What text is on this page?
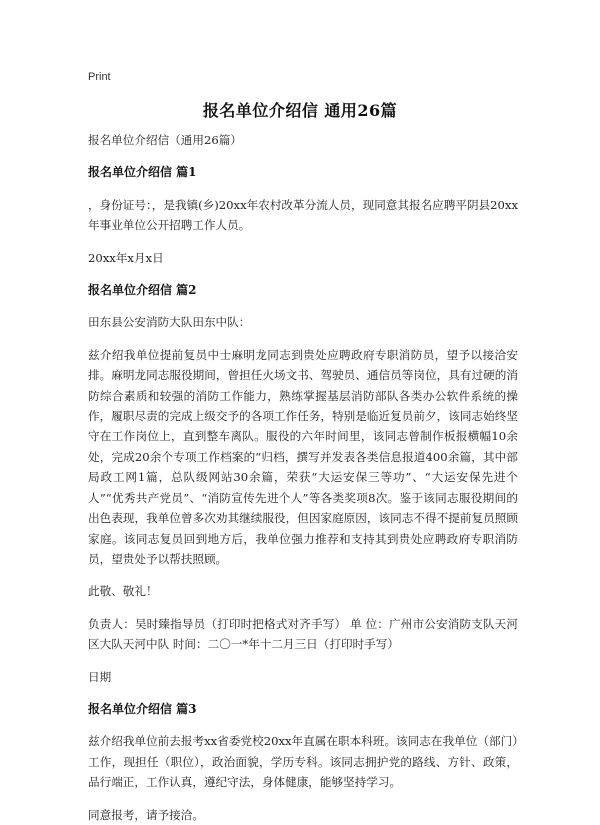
Print
报名单位介绍信 通用26篇

报名单位介绍信（通用26篇）

报名单位介绍信 篇1

，身份证号：，是我镇(乡)20xx年农村改革分流人员，现同意其报名应聘平阴县20xx年事业单位公开招聘工作人员。

20xx年x月x日

报名单位介绍信 篇2

田东县公安消防大队田东中队：

兹介绍我单位提前复员中士麻明龙同志到贵处应聘政府专职消防员，望予以接洽安排。麻明龙同志服役期间，曾担任火场文书、驾驶员、通信员等岗位，具有过硬的消防综合素质和较强的消防工作能力，熟练掌握基层消防部队各类办公软件系统的操作，履职尽责的完成上级交予的各项工作任务，特别是临近复员前夕，该同志始终坚守在工作岗位上，直到整车离队。服役的六年时间里，该同志曾制作板报横幅10余处，完成20余个专项工作档案的“归档，撰写并发表各类信息报道400余篇，其中部局政工网1篇，总队级网站30余篇，荣获“大运安保三等功”、“大运安保先进个人”“优秀共产党员”、“消防宣传先进个人”等各类奖项8次。鉴于该同志服役期间的出色表现，我单位曾多次劝其继续服役，但因家庭原因，该同志不得不提前复员照顾家庭。该同志复员回到地方后，我单位强力推荐和支持其到贵处应聘政府专职消防员，望贵处予以帮扶照顾。

此敬、敬礼！

负责人：吴时臻指导员（打印时把格式对齐手写） 单 位：广州市公安消防支队天河区大队天河中队 时间：二〇一*年十二月三日（打印时手写）

日期

报名单位介绍信 篇3

兹介绍我单位前去报考xx省委党校20xx年直属在职本科班。该同志在我单位（部门）工作，现担任（职位），政治面貌，学历专科。该同志拥护党的路线、方针、政策，品行端正，工作认真，遵纪守法，身体健康，能够坚持学习。

同意报考，请予接洽。
